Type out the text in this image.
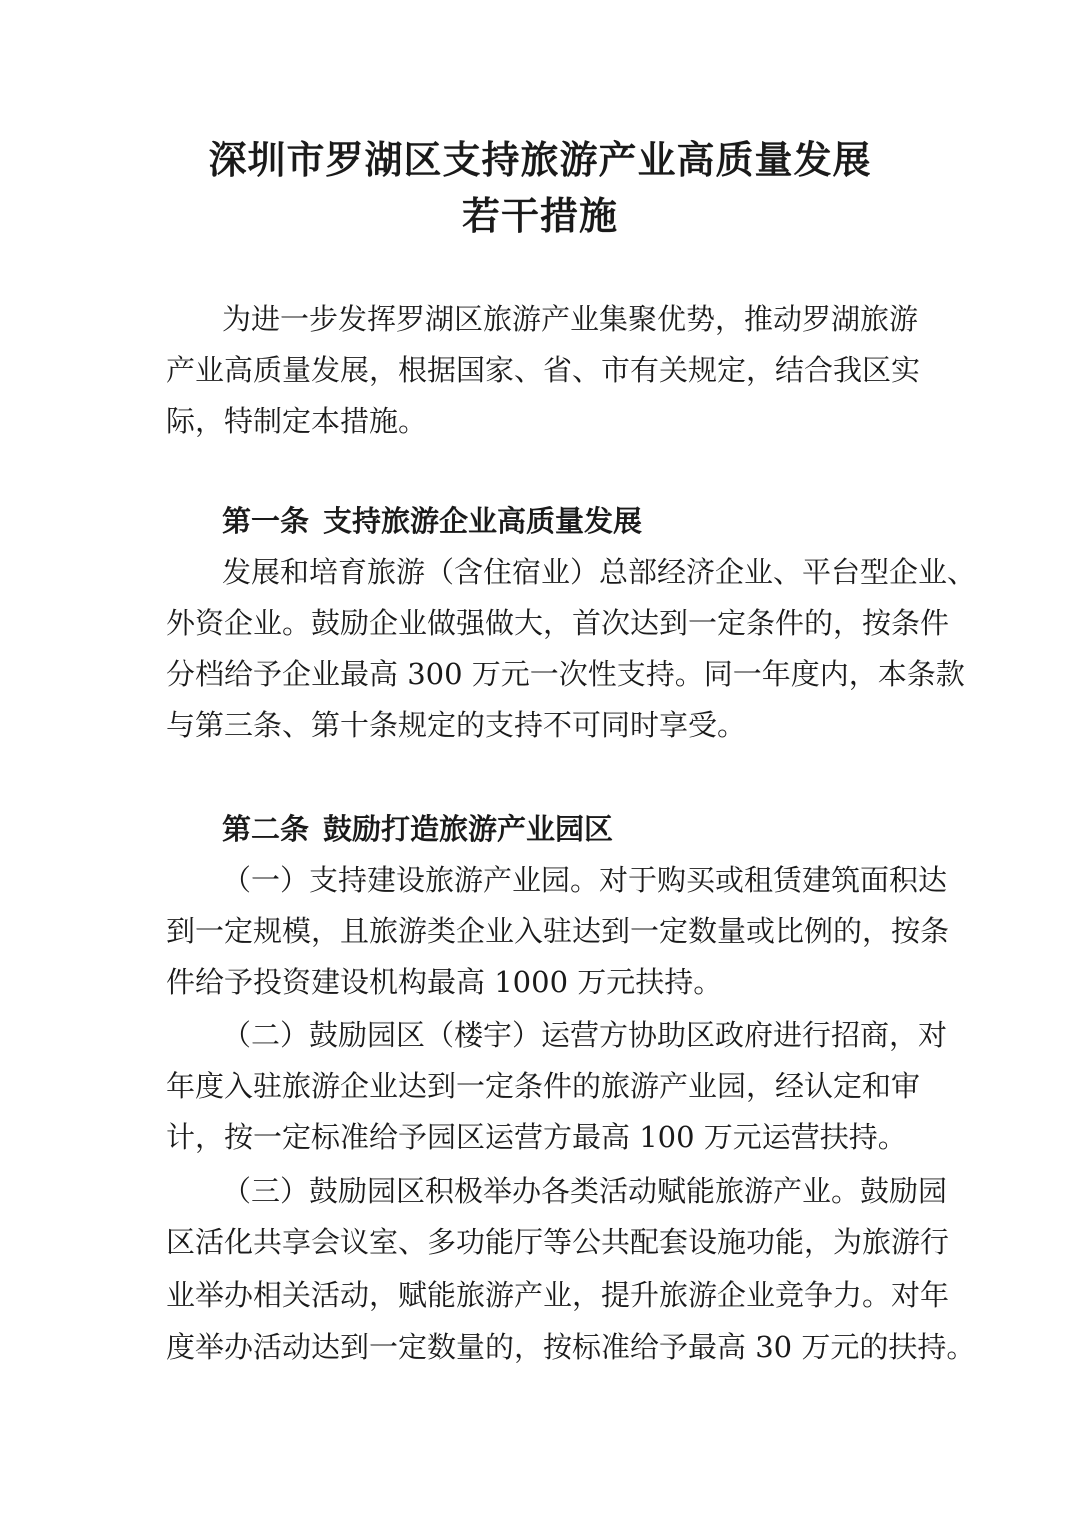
深圳市罗湖区支持旅游产业高质量发展
若干措施
为进一步发挥罗湖区旅游产业集聚优势，推动罗湖旅游
产业高质量发展，根据国家、省、市有关规定，结合我区实
际，特制定本措施。
第一条 支持旅游企业高质量发展
发展和培育旅游（含住宿业）总部经济企业、平台型企业、
外资企业。鼓励企业做强做大，首次达到一定条件的，按条件
分档给予企业最高 300 万元一次性支持。同一年度内，本条款
与第三条、第十条规定的支持不可同时享受。
第二条 鼓励打造旅游产业园区
（一）支持建设旅游产业园。对于购买或租赁建筑面积达
到一定规模，且旅游类企业入驻达到一定数量或比例的，按条
件给予投资建设机构最高 1000 万元扶持。
（二）鼓励园区（楼宇）运营方协助区政府进行招商，对
年度入驻旅游企业达到一定条件的旅游产业园，经认定和审
计，按一定标准给予园区运营方最高 100 万元运营扶持。
（三）鼓励园区积极举办各类活动赋能旅游产业。鼓励园
区活化共享会议室、多功能厅等公共配套设施功能，为旅游行
业举办相关活动，赋能旅游产业，提升旅游企业竞争力。对年
度举办活动达到一定数量的，按标准给予最高 30 万元的扶持。
